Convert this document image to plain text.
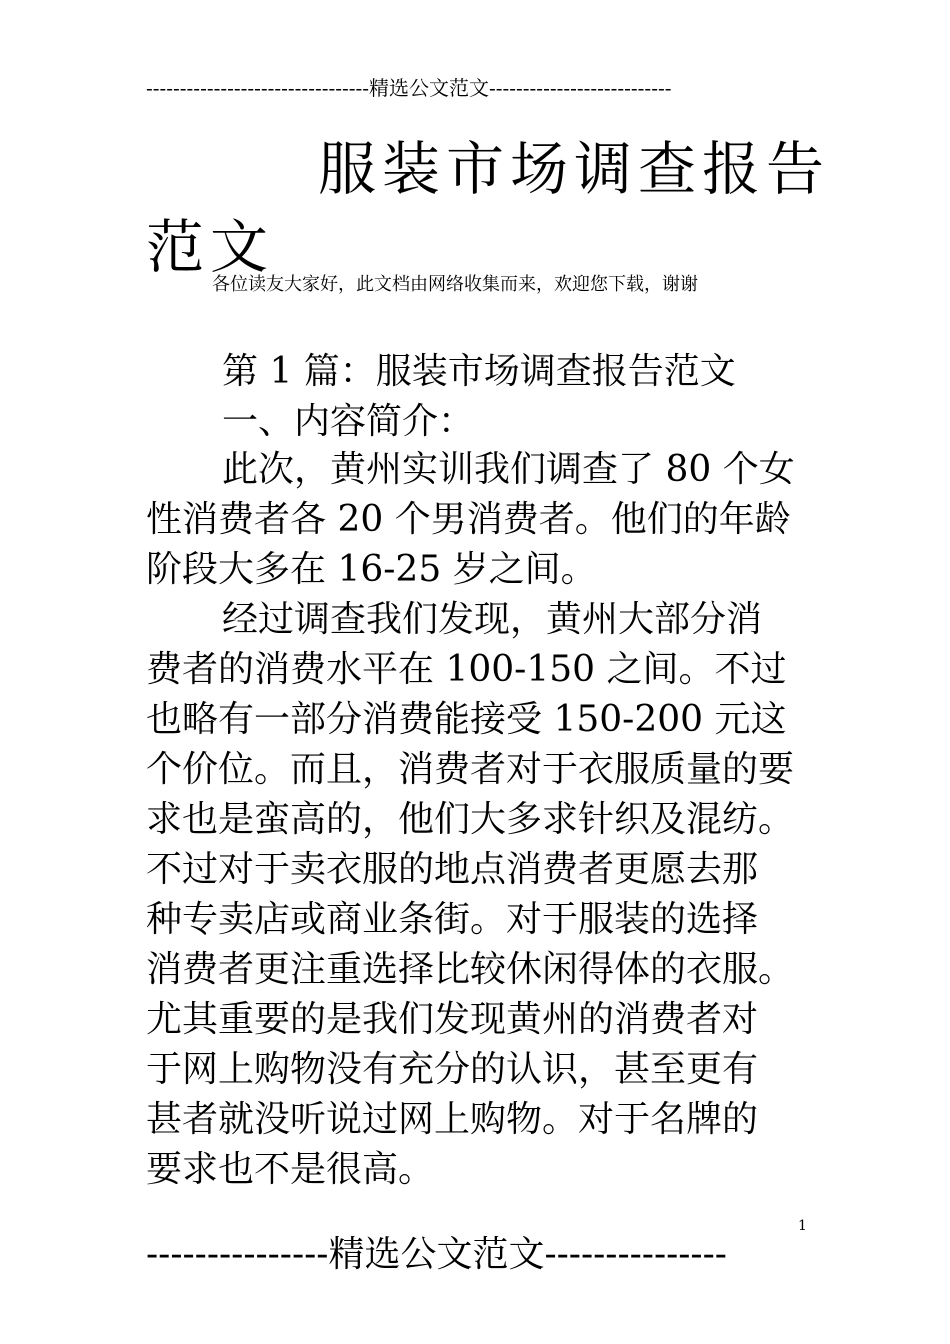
---------------------------------精选公文范文---------------------------
服装市场调查报告
范文
各位读友大家好，此文档由网络收集而来，欢迎您下载，谢谢
第 1 篇：服装市场调查报告范文
一、内容简介：
此次，黄州实训我们调查了 80 个女
性消费者各 20 个男消费者。他们的年龄
阶段大多在 16-25 岁之间。
经过调查我们发现，黄州大部分消
费者的消费水平在 100-150 之间。不过
也略有一部分消费能接受 150-200 元这
个价位。而且，消费者对于衣服质量的要
求也是蛮高的，他们大多求针织及混纺。
不过对于卖衣服的地点消费者更愿去那
种专卖店或商业条街。对于服装的选择
消费者更注重选择比较休闲得体的衣服。
尤其重要的是我们发现黄州的消费者对
于网上购物没有充分的认识，甚至更有
甚者就没听说过网上购物。对于名牌的
要求也不是很高。
---------------精选公文范文---------------
1
